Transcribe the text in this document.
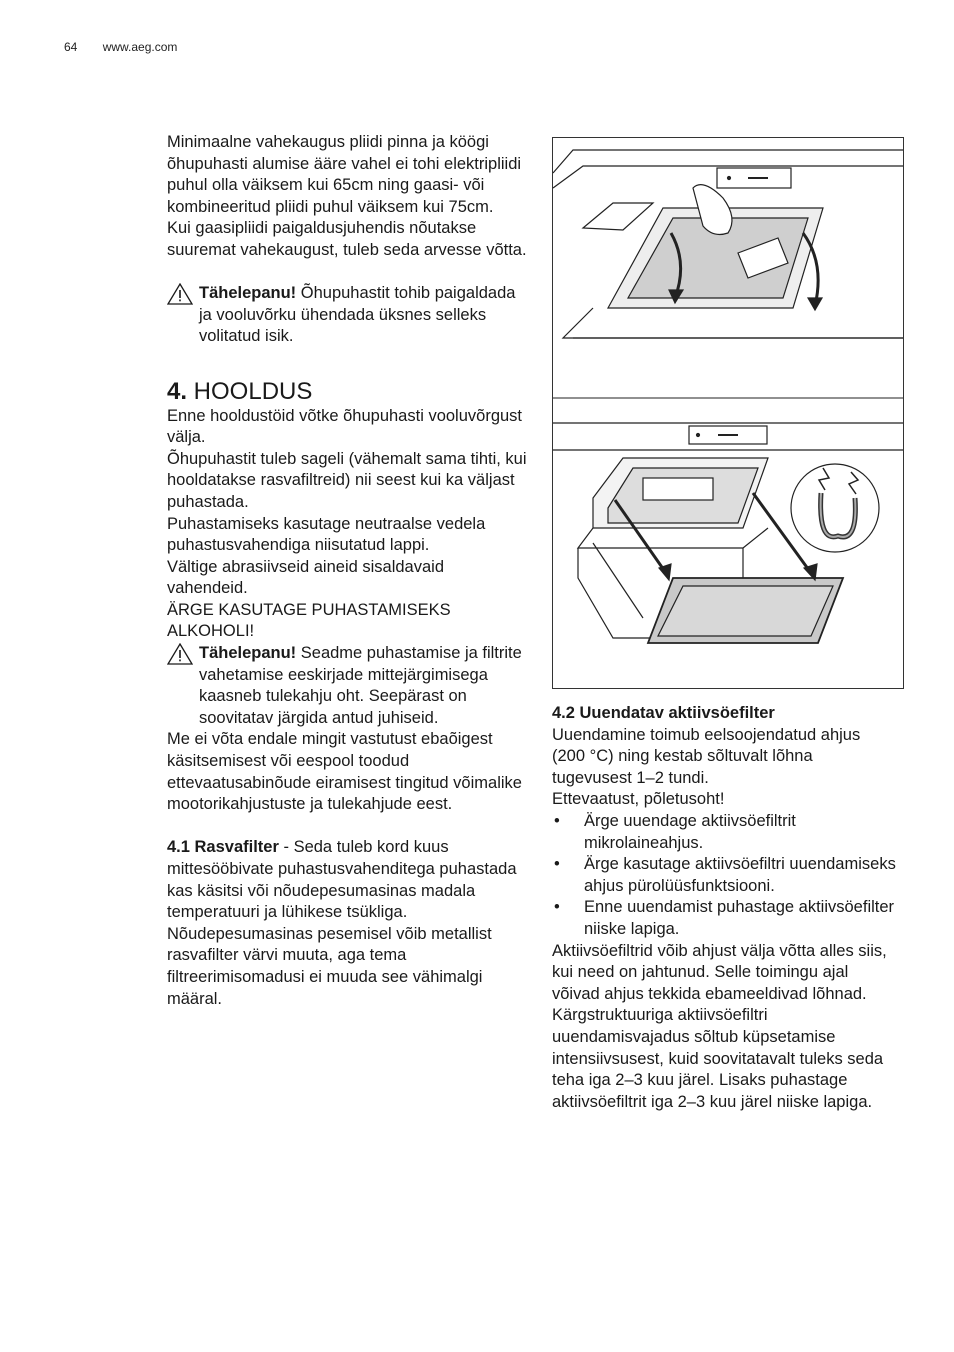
64 www.aeg.com

Minimaalne vahekaugus pliidi pinna ja köögi õhupuhasti alumise ääre vahel ei tohi elektripliidi puhul olla väiksem kui 65cm ning gaasi- või kombineeritud pliidi puhul väiksem kui 75cm.

Kui gaasipliidi paigaldusjuhendis nõutakse suuremat vahekaugust, tuleb seda arvesse võtta.

Tähelepanu! Õhupuhastit tohib paigaldada ja vooluvõrku ühendada üksnes selleks volitatud isik.

4. HOOLDUS

Enne hooldustöid võtke õhupuhasti vooluvõrgust välja.

Õhupuhastit tuleb sageli (vähemalt sama tihti, kui hooldatakse rasvafiltreid) nii seest kui ka väljast puhastada.

Puhastamiseks kasutage neutraalse vedela puhastusvahendiga niisutatud lappi.

Vältige abrasiivseid aineid sisaldavaid vahendeid.

ÄRGE KASUTAGE PUHASTAMISEKS ALKOHOLI!

Tähelepanu! Seadme puhastamise ja filtrite vahetamise eeskirjade mittejärgimisega kaasneb tulekahju oht. Seepärast on soovitatav järgida antud juhiseid.

Me ei võta endale mingit vastutust ebaõigest käsitsemisest või eespool toodud ettevaatusabinõude eiramisest tingitud võimalike mootorikahjustuste ja tulekahjude eest.

4.1 Rasvafilter - Seda tuleb kord kuus mittesööbivate puhastusvahenditega puhastada kas käsitsi või nõudepesumasinas madala temperatuuri ja lühikese tsükliga.

Nõudepesumasinas pesemisel võib metallist rasvafilter värvi muuta, aga tema filtreerimisomadusi ei muuda see vähimalgi määral.

4.2 Uuendatav aktiivsöefilter

Uuendamine toimub eelsoojendatud ahjus (200 °C) ning kestab sõltuvalt lõhna tugevusest 1–2 tundi.

Ettevaatust, põletusoht!

• Ärge uuendage aktiivsöefiltrit mikrolaineahjus.
• Ärge kasutage aktiivsöefiltri uuendamiseks ahjus pürolüüsfunktsiooni.
• Enne uuendamist puhastage aktiivsöefilter niiske lapiga.

Aktiivsöefiltrid võib ahjust välja võtta alles siis, kui need on jahtunud. Selle toimingu ajal võivad ahjus tekkida ebameeldivad lõhnad. Kärgstruktuuriga aktiivsöefiltri uuendamisvajadus sõltub küpsetamise intensiivsusest, kuid soovitatavalt tuleks seda teha iga 2–3 kuu järel. Lisaks puhastage aktiivsöefiltrit iga 2–3 kuu järel niiske lapiga.
